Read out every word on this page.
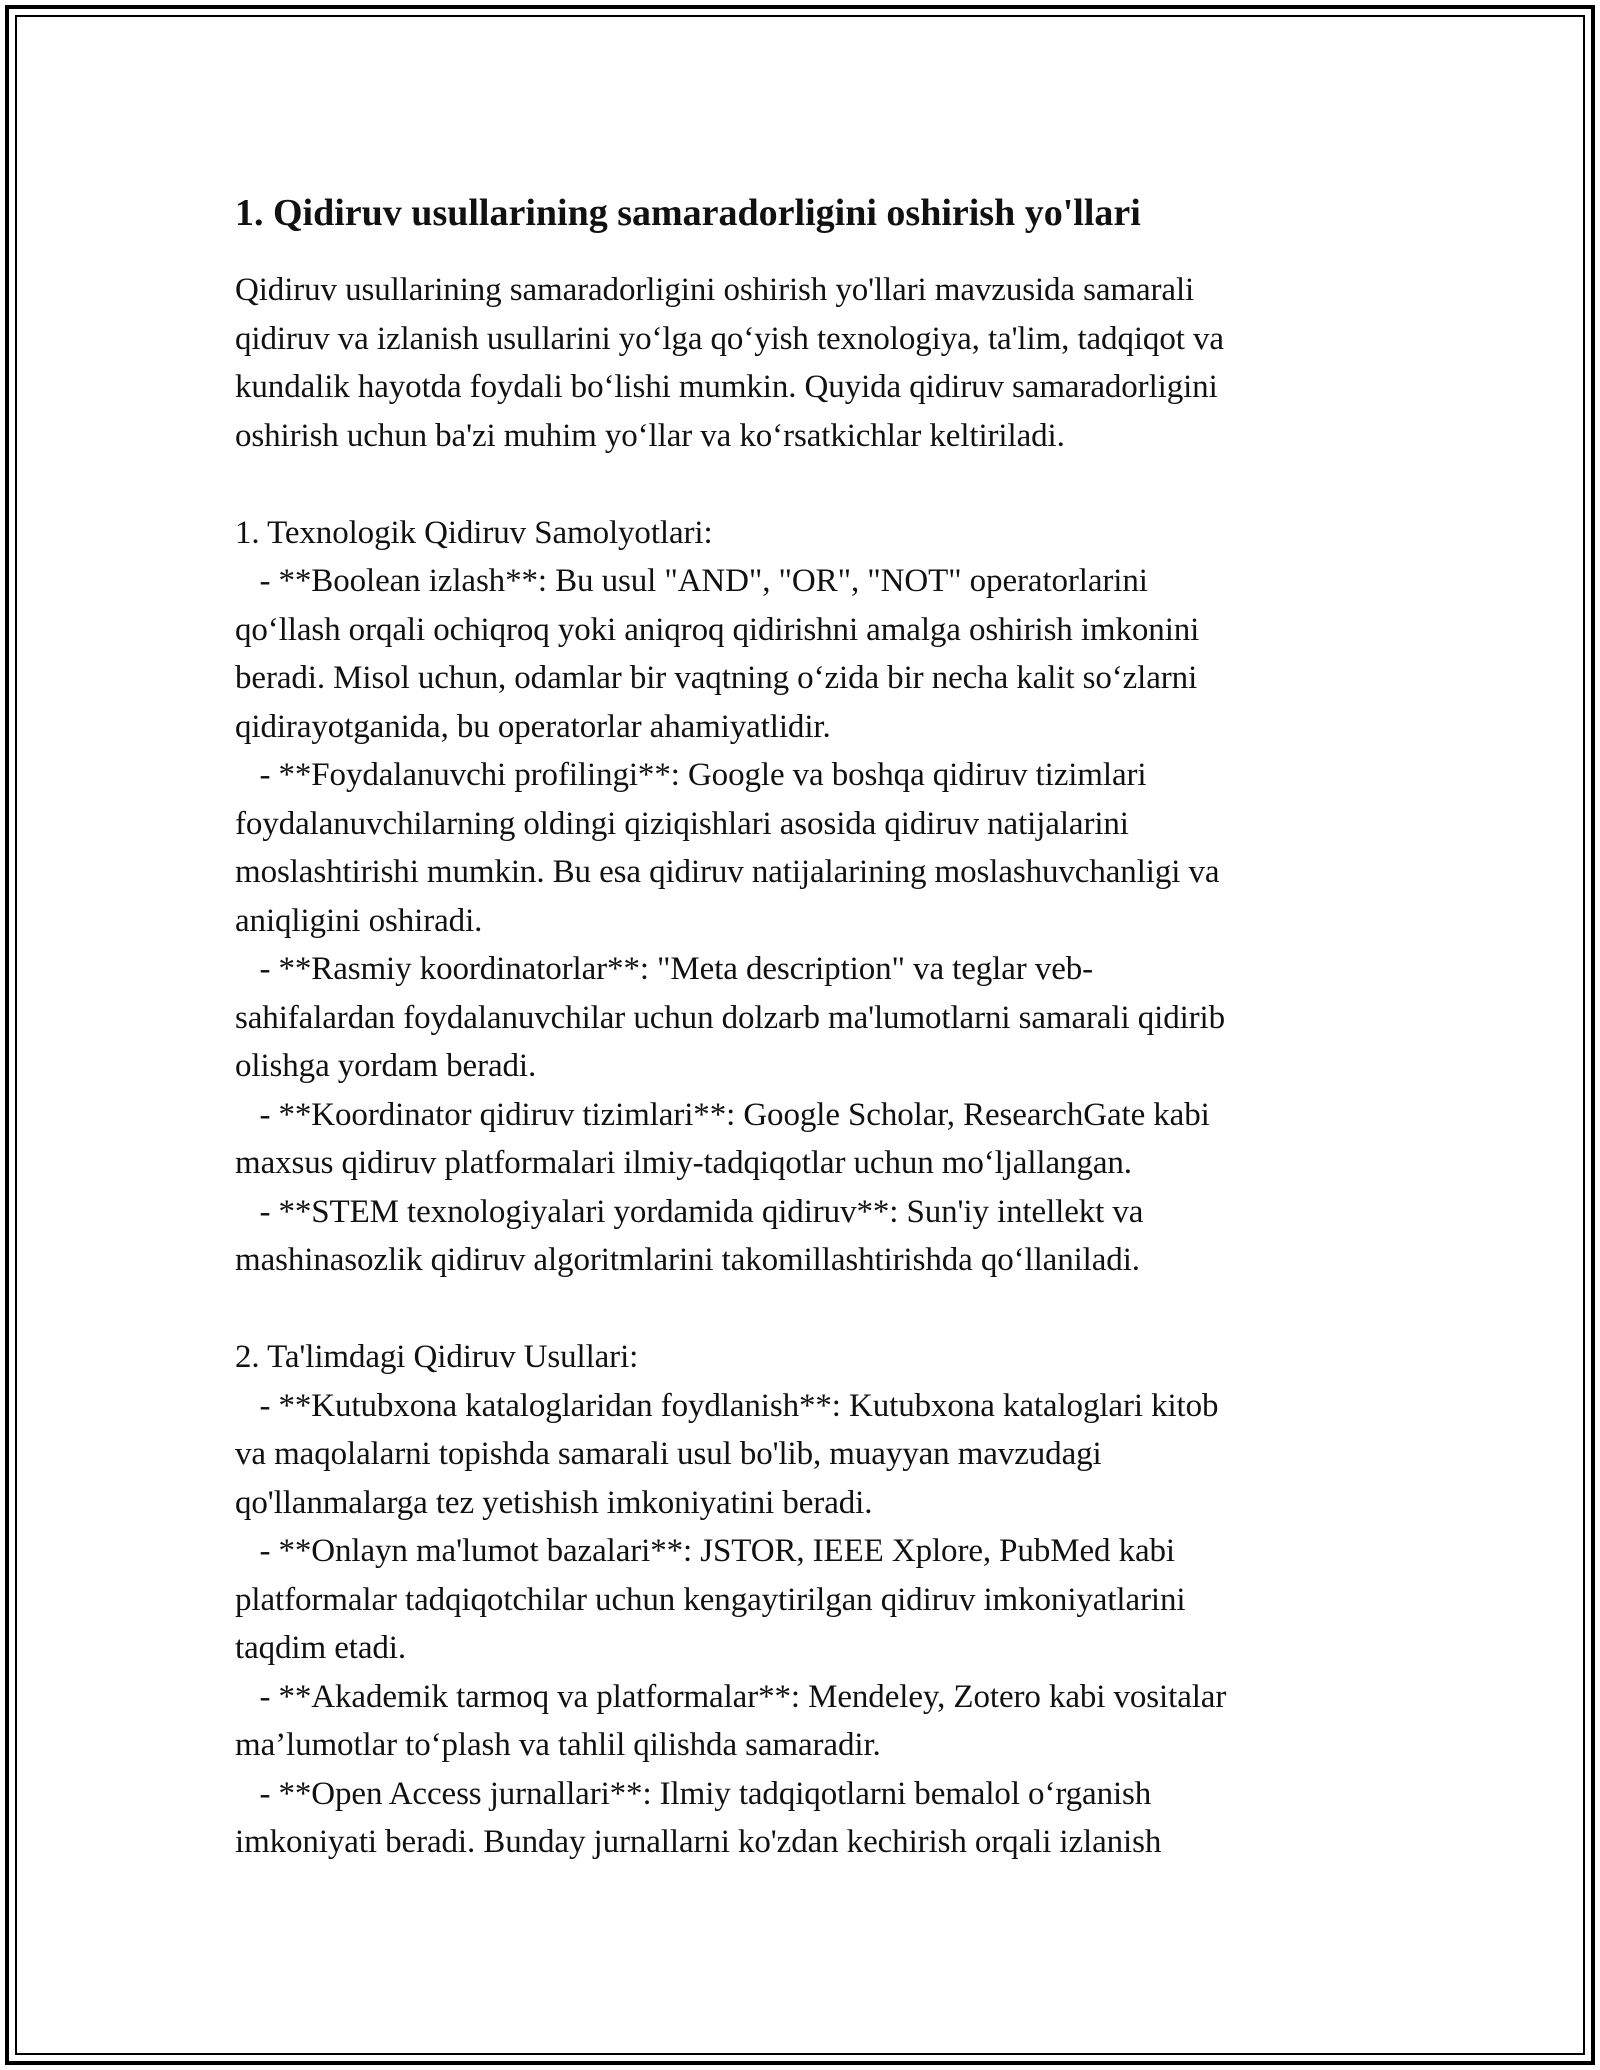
1. Qidiruv usullarining samaradorligini oshirish yo'llari

Qidiruv usullarining samaradorligini oshirish yo'llari mavzusida samarali
qidiruv va izlanish usullarini yo‘lga qo‘yish texnologiya, ta'lim, tadqiqot va
kundalik hayotda foydali bo‘lishi mumkin. Quyida qidiruv samaradorligini
oshirish uchun ba'zi muhim yo‘llar va ko‘rsatkichlar keltiriladi.

1. Texnologik Qidiruv Samolyotlari:
- **Boolean izlash**: Bu usul "AND", "OR", "NOT" operatorlarini
qo‘llash orqali ochiqroq yoki aniqroq qidirishni amalga oshirish imkonini
beradi. Misol uchun, odamlar bir vaqtning o‘zida bir necha kalit so‘zlarni
qidirayotganida, bu operatorlar ahamiyatlidir.
- **Foydalanuvchi profilingi**: Google va boshqa qidiruv tizimlari
foydalanuvchilarning oldingi qiziqishlari asosida qidiruv natijalarini
moslashtirishi mumkin. Bu esa qidiruv natijalarining moslashuvchanligi va
aniqligini oshiradi.
- **Rasmiy koordinatorlar**: "Meta description" va teglar veb-
sahifalardan foydalanuvchilar uchun dolzarb ma'lumotlarni samarali qidirib
olishga yordam beradi.
- **Koordinator qidiruv tizimlari**: Google Scholar, ResearchGate kabi
maxsus qidiruv platformalari ilmiy-tadqiqotlar uchun mo‘ljallangan.
- **STEM texnologiyalari yordamida qidiruv**: Sun'iy intellekt va
mashinasozlik qidiruv algoritmlarini takomillashtirishda qo‘llaniladi.

2. Ta'limdagi Qidiruv Usullari:
- **Kutubxona kataloglaridan foydlanish**: Kutubxona kataloglari kitob
va maqolalarni topishda samarali usul bo'lib, muayyan mavzudagi
qo'llanmalarga tez yetishish imkoniyatini beradi.
- **Onlayn ma'lumot bazalari**: JSTOR, IEEE Xplore, PubMed kabi
platformalar tadqiqotchilar uchun kengaytirilgan qidiruv imkoniyatlarini
taqdim etadi.
- **Akademik tarmoq va platformalar**: Mendeley, Zotero kabi vositalar
ma’lumotlar to‘plash va tahlil qilishda samaradir.
- **Open Access jurnallari**: Ilmiy tadqiqotlarni bemalol o‘rganish
imkoniyati beradi. Bunday jurnallarni ko'zdan kechirish orqali izlanish
